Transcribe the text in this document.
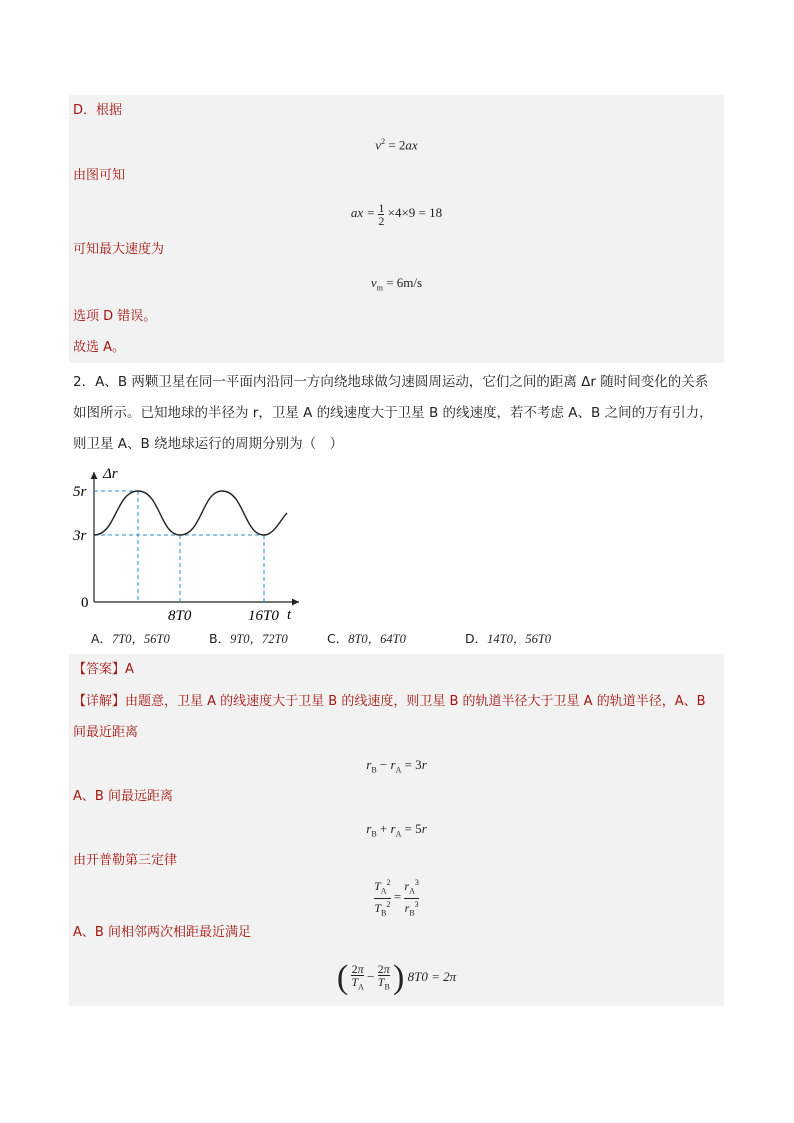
D．根据
$v^2 = 2ax$
由图可知
ax = $\frac{1}{2} \times 4\times 9 = 18$
可知最大速度为
$v_m = 6m/s$
选项 D 错误。
故选 A。
2．A、B 两颗卫星在同一平面内沿同一方向绕地球做匀速圆周运动，它们之间的距离 Δr 随时间变化的关系
如图所示。已知地球的半径为 r，卫星 A 的线速度大于卫星 B 的线速度，若不考虑 A、B 之间的万有引力，
则卫星 A、B 绕地球运行的周期分别为（　）
Δr
5r
3r
0
8T0	16T0 t
A．7T0，56T0	B．9T0，72T0	C．8T0，64T0	D．14T0，56T0
【答案】A
【详解】由题意，卫星 A 的线速度大于卫星 B 的线速度，则卫星 B 的轨道半径大于卫星 A 的轨道半径，A、B
间最近距离
$r_B - r_A = 3r$
A、B 间最远距离
$r_B + r_A = 5r$
由开普勒第三定律
$\frac{T_A^2}{T_B^2} = \frac{r_A^3}{r_B^3}$
A、B 间相邻两次相距最近满足
( $\frac{2\pi}{T_A} - \frac{2\pi}{T_B}$ ) 8T0 = 2π
